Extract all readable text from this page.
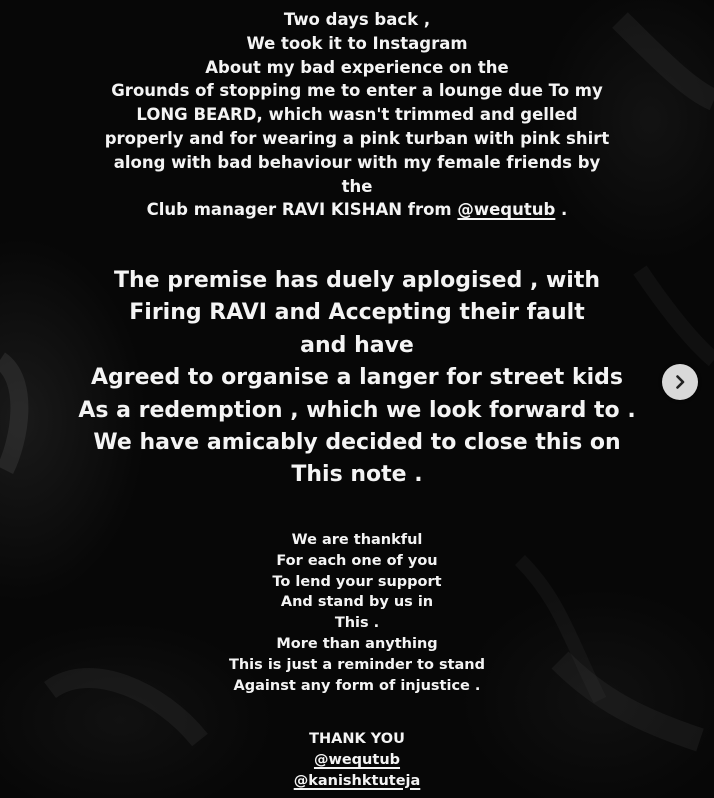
Two days back ,
We took it to Instagram
About my bad experience on the
Grounds of stopping me to enter a lounge due To my
LONG BEARD, which wasn't trimmed and gelled
properly and for wearing a pink turban with pink shirt
along with bad behaviour with my female friends by
the
Club manager RAVI KISHAN from @wequtub .
The premise has duely aplogised , with
Firing RAVI and Accepting their fault
and have
Agreed to organise a langer for street kids
As a redemption , which we look forward to .
We have amicably decided to close this on
This note .
We are thankful
For each one of you
To lend your support
And stand by us in
This .
More than anything
This is just a reminder to stand
Against any form of injustice .
THANK YOU
@wequtub
@kanishktuteja
